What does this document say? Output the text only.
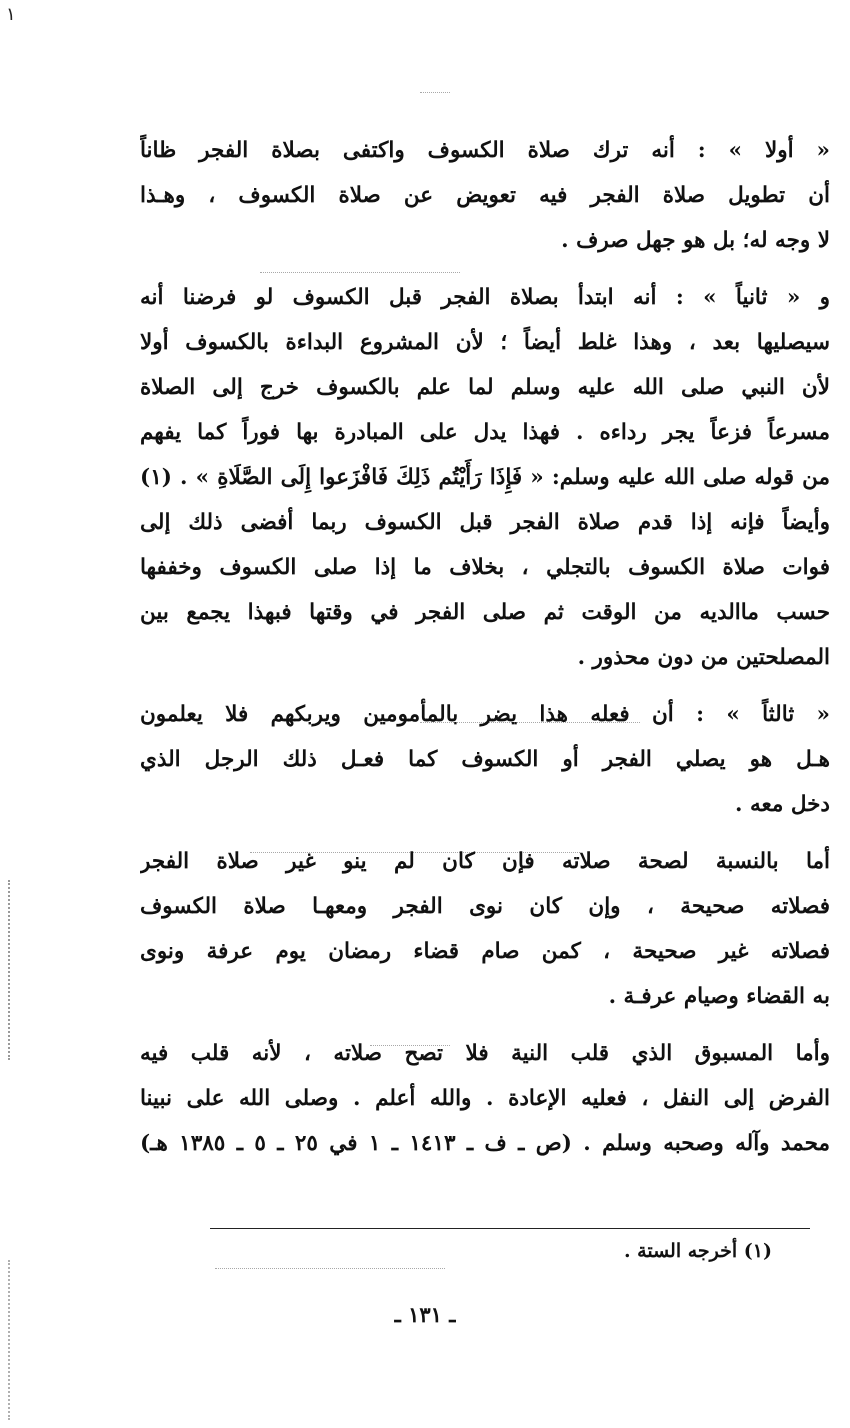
١
« أولا » : أنه ترك صلاة الكسوف واكتفى بصلاة الفجر ظاناً
أن تطويل صلاة الفجر فيه تعويض عن صلاة الكسوف ، وهـذا
لا وجه له؛ بل هو جهل صرف .
و « ثانياً » : أنه ابتدأ بصلاة الفجر قبل الكسوف لو فرضنا أنه
سيصليها بعد ، وهذا غلط أيضاً ؛ لأن المشروع البداءة بالكسوف أولا
لأن النبي صلى الله عليه وسلم لما علم بالكسوف خرج إلى الصلاة
مسرعاً فزعاً يجر رداءه . فهذا يدل على المبادرة بها فوراً كما يفهم
من قوله صلى الله عليه وسلم: « فَإِذَا رَأَيْتُم ذَلِكَ فَافْزَعوا إِلَى الصَّلَاةِ » . (١)
وأيضاً فإنه إذا قدم صلاة الفجر قبل الكسوف ربما أفضى ذلك إلى
فوات صلاة الكسوف بالتجلي ، بخلاف ما إذا صلى الكسوف وخففها
حسب ماالديه من الوقت ثم صلى الفجر في وقتها فبهذا يجمع بين
المصلحتين من دون محذور .
« ثالثاً » : أن فعله هذا يضر بالمأمومين ويربكهم فلا يعلمون
هـل هو يصلي الفجر أو الكسوف كما فعـل ذلك الرجل الذي
دخل معه .
أما بالنسبة لصحة صلاته فإن كان لم ينو غير صلاة الفجر
فصلاته صحيحة ، وإن كان نوى الفجر ومعهـا صلاة الكسوف
فصلاته غير صحيحة ، كمن صام قضاء رمضان يوم عرفة ونوى
به القضاء وصيام عرفـة .
وأما المسبوق الذي قلب النية فلا تصح صلاته ، لأنه قلب فيه
الفرض إلى النفل ، فعليه الإعادة . والله أعلم . وصلى الله على نبينا
محمد وآله وصحبه وسلم . (ص ـ ف ـ ١٤١٣ ـ ١ في ٢٥ ـ ٥ ـ ١٣٨٥ هـ)
(١) أخرجه الستة .
ـ ١٣١ ـ
